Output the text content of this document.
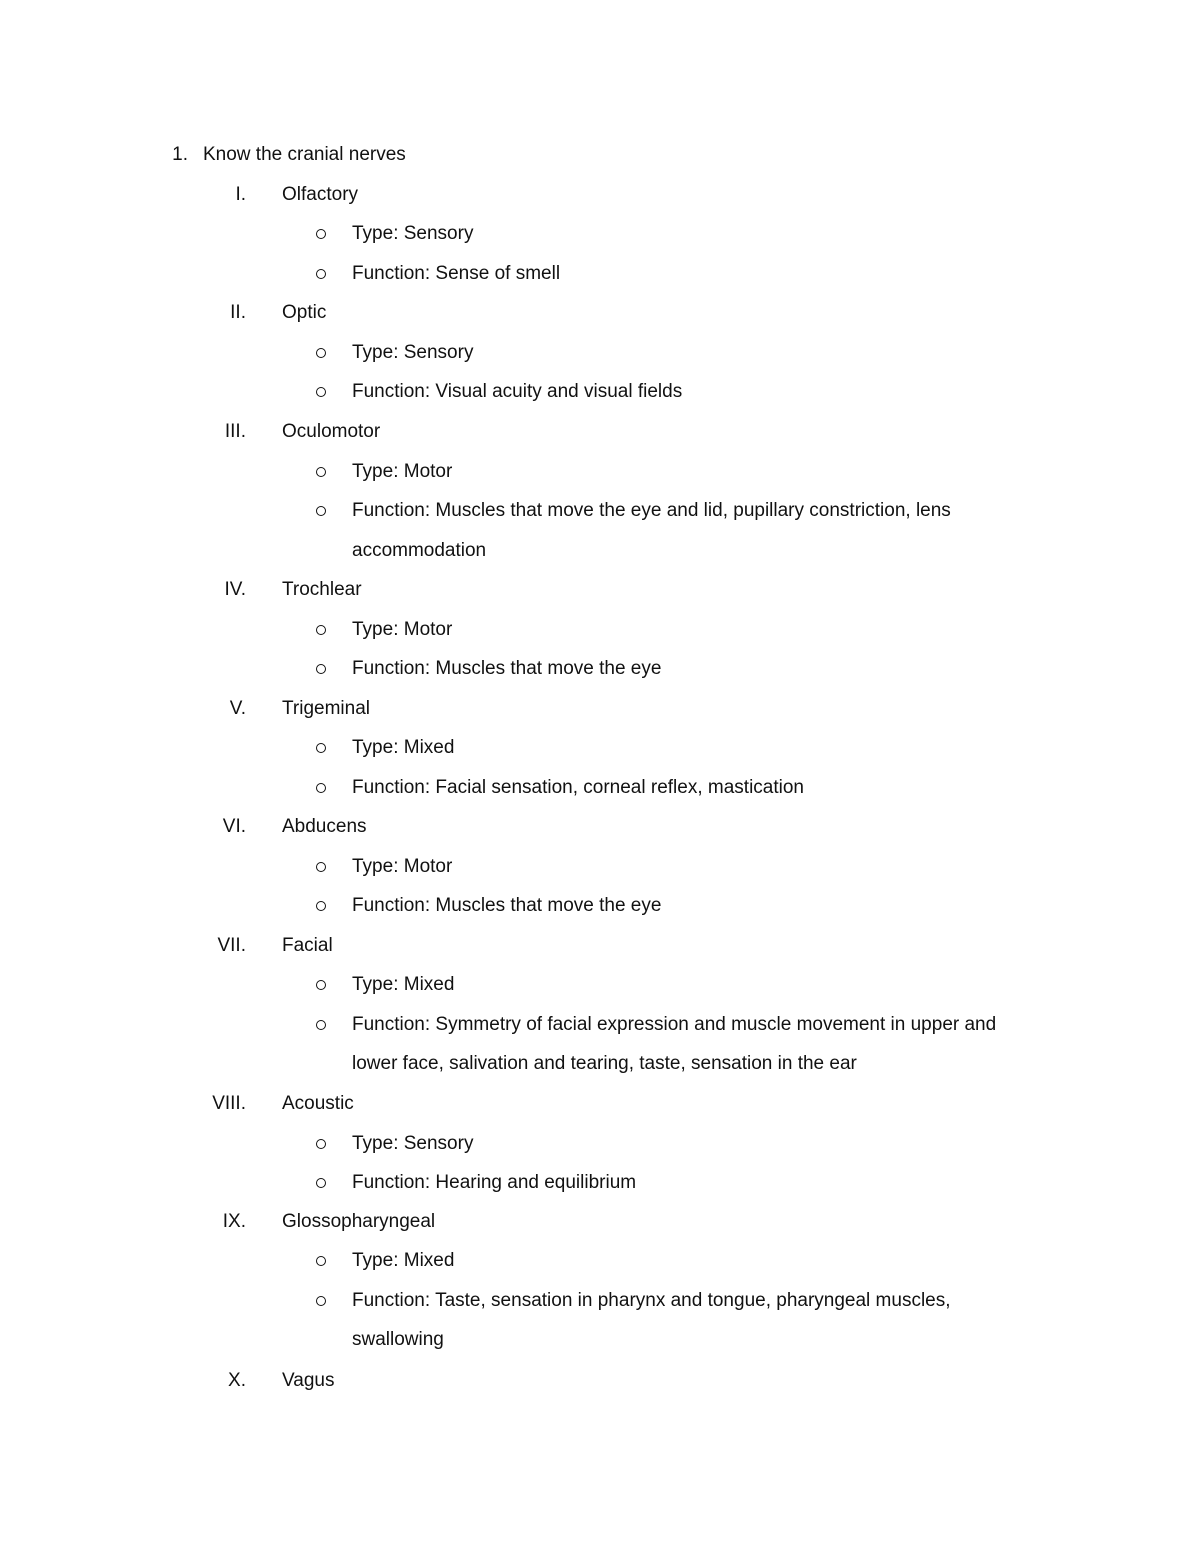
1. Know the cranial nerves
I. Olfactory
Type: Sensory
Function: Sense of smell
II. Optic
Type: Sensory
Function: Visual acuity and visual fields
III. Oculomotor
Type: Motor
Function: Muscles that move the eye and lid, pupillary constriction, lens
accommodation
IV. Trochlear
Type: Motor
Function: Muscles that move the eye
V. Trigeminal
Type: Mixed
Function: Facial sensation, corneal reflex, mastication
VI. Abducens
Type: Motor
Function: Muscles that move the eye
VII. Facial
Type: Mixed
Function: Symmetry of facial expression and muscle movement in upper and
lower face, salivation and tearing, taste, sensation in the ear
VIII. Acoustic
Type: Sensory
Function: Hearing and equilibrium
IX. Glossopharyngeal
Type: Mixed
Function: Taste, sensation in pharynx and tongue, pharyngeal muscles,
swallowing
X. Vagus
